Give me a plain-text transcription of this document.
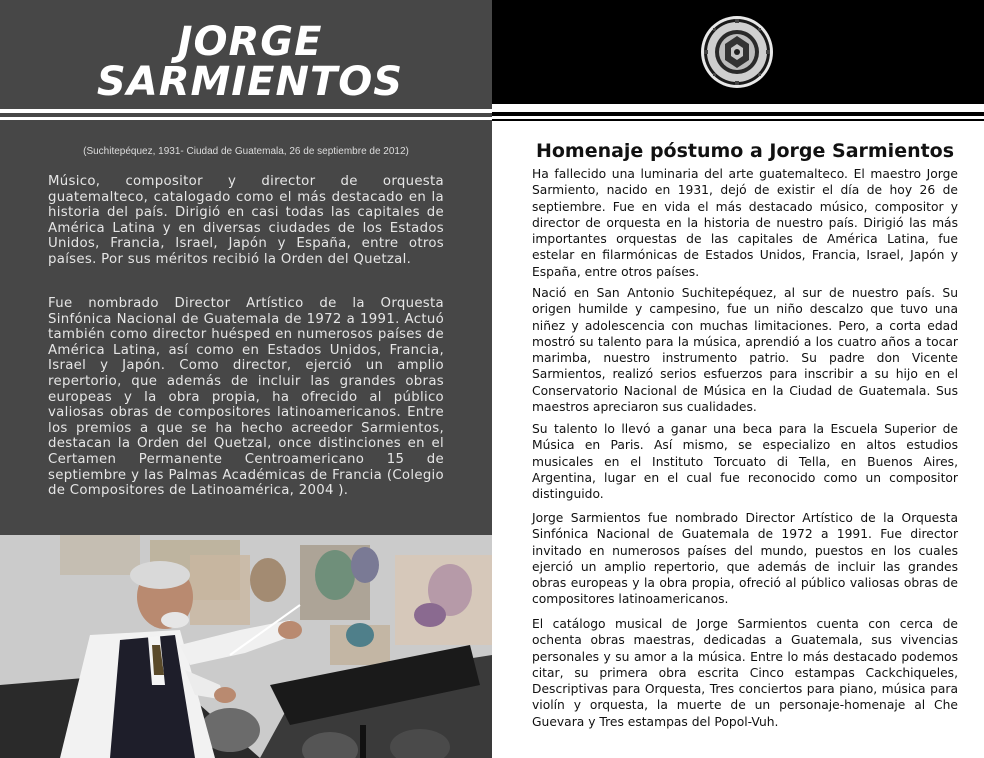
JORGE
SARMIENTOS
(Suchitepéquez, 1931- Ciudad de Guatemala, 26 de septiembre de 2012)
Músico, compositor y director de orquesta guatemalteco, catalogado como el más destacado en la historia del país. Dirigió en casi todas las capitales de América Latina y en diversas ciudades de los Estados Unidos, Francia, Israel, Japón y España, entre otros países. Por sus méritos recibió la Orden del Quetzal.
Fue nombrado Director Artístico de la Orquesta Sinfónica Nacional de Guatemala de 1972 a 1991. Actuó también como director huésped en numerosos países de América Latina, así como en Estados Unidos, Francia, Israel y Japón. Como director, ejerció un amplio repertorio, que además de incluir las grandes obras europeas y la obra propia, ha ofrecido al público valiosas obras de compositores latinoamericanos. Entre los premios a que se ha hecho acreedor Sarmientos, destacan la Orden del Quetzal, once distinciones en el Certamen Permanente Centroamericano 15 de septiembre y las Palmas Académicas de Francia (Colegio de Compositores de Latinoamérica, 2004 ).
Homenaje póstumo a Jorge Sarmientos
Ha fallecido una luminaria del arte guatemalteco. El maestro Jorge Sarmiento, nacido en 1931, dejó de existir el día de hoy 26 de septiembre. Fue en vida el más destacado músico, compositor y director de orquesta en la historia de nuestro país. Dirigió las más importantes orquestas de las capitales de América Latina, fue estelar en filarmónicas de Estados Unidos, Francia, Israel, Japón y España, entre otros países.
Nació en San Antonio Suchitepéquez, al sur de nuestro país. Su origen humilde y campesino, fue un niño descalzo que tuvo una niñez y adolescencia con muchas limitaciones. Pero, a corta edad mostró su talento para la música, aprendió a los cuatro años a tocar marimba, nuestro instrumento patrio. Su padre don Vicente Sarmientos, realizó serios esfuerzos para inscribir a su hijo en el Conservatorio Nacional de Música en la Ciudad de Guatemala. Sus maestros apreciaron sus cualidades.
Su talento lo llevó a ganar una beca para la Escuela Superior de Música en Paris. Así mismo, se especializo en altos estudios musicales en el Instituto Torcuato di Tella, en Buenos Aires, Argentina, lugar en el cual fue reconocido como un compositor distinguido.
Jorge Sarmientos fue nombrado Director Artístico de la Orquesta Sinfónica Nacional de Guatemala de 1972 a 1991. Fue director invitado en numerosos países del mundo, puestos en los cuales ejerció un amplio repertorio, que además de incluir las grandes obras europeas y la obra propia, ofreció al público valiosas obras de compositores latinoamericanos.
El catálogo musical de Jorge Sarmientos cuenta con cerca de ochenta obras maestras, dedicadas a Guatemala, sus vivencias personales y su amor a la música. Entre lo más destacado podemos citar, su primera obra escrita Cinco estampas Cackchiqueles, Descriptivas para Orquesta, Tres conciertos para piano, música para violín y orquesta, la muerte de un personaje-homenaje al Che Guevara y Tres estampas del Popol-Vuh.
